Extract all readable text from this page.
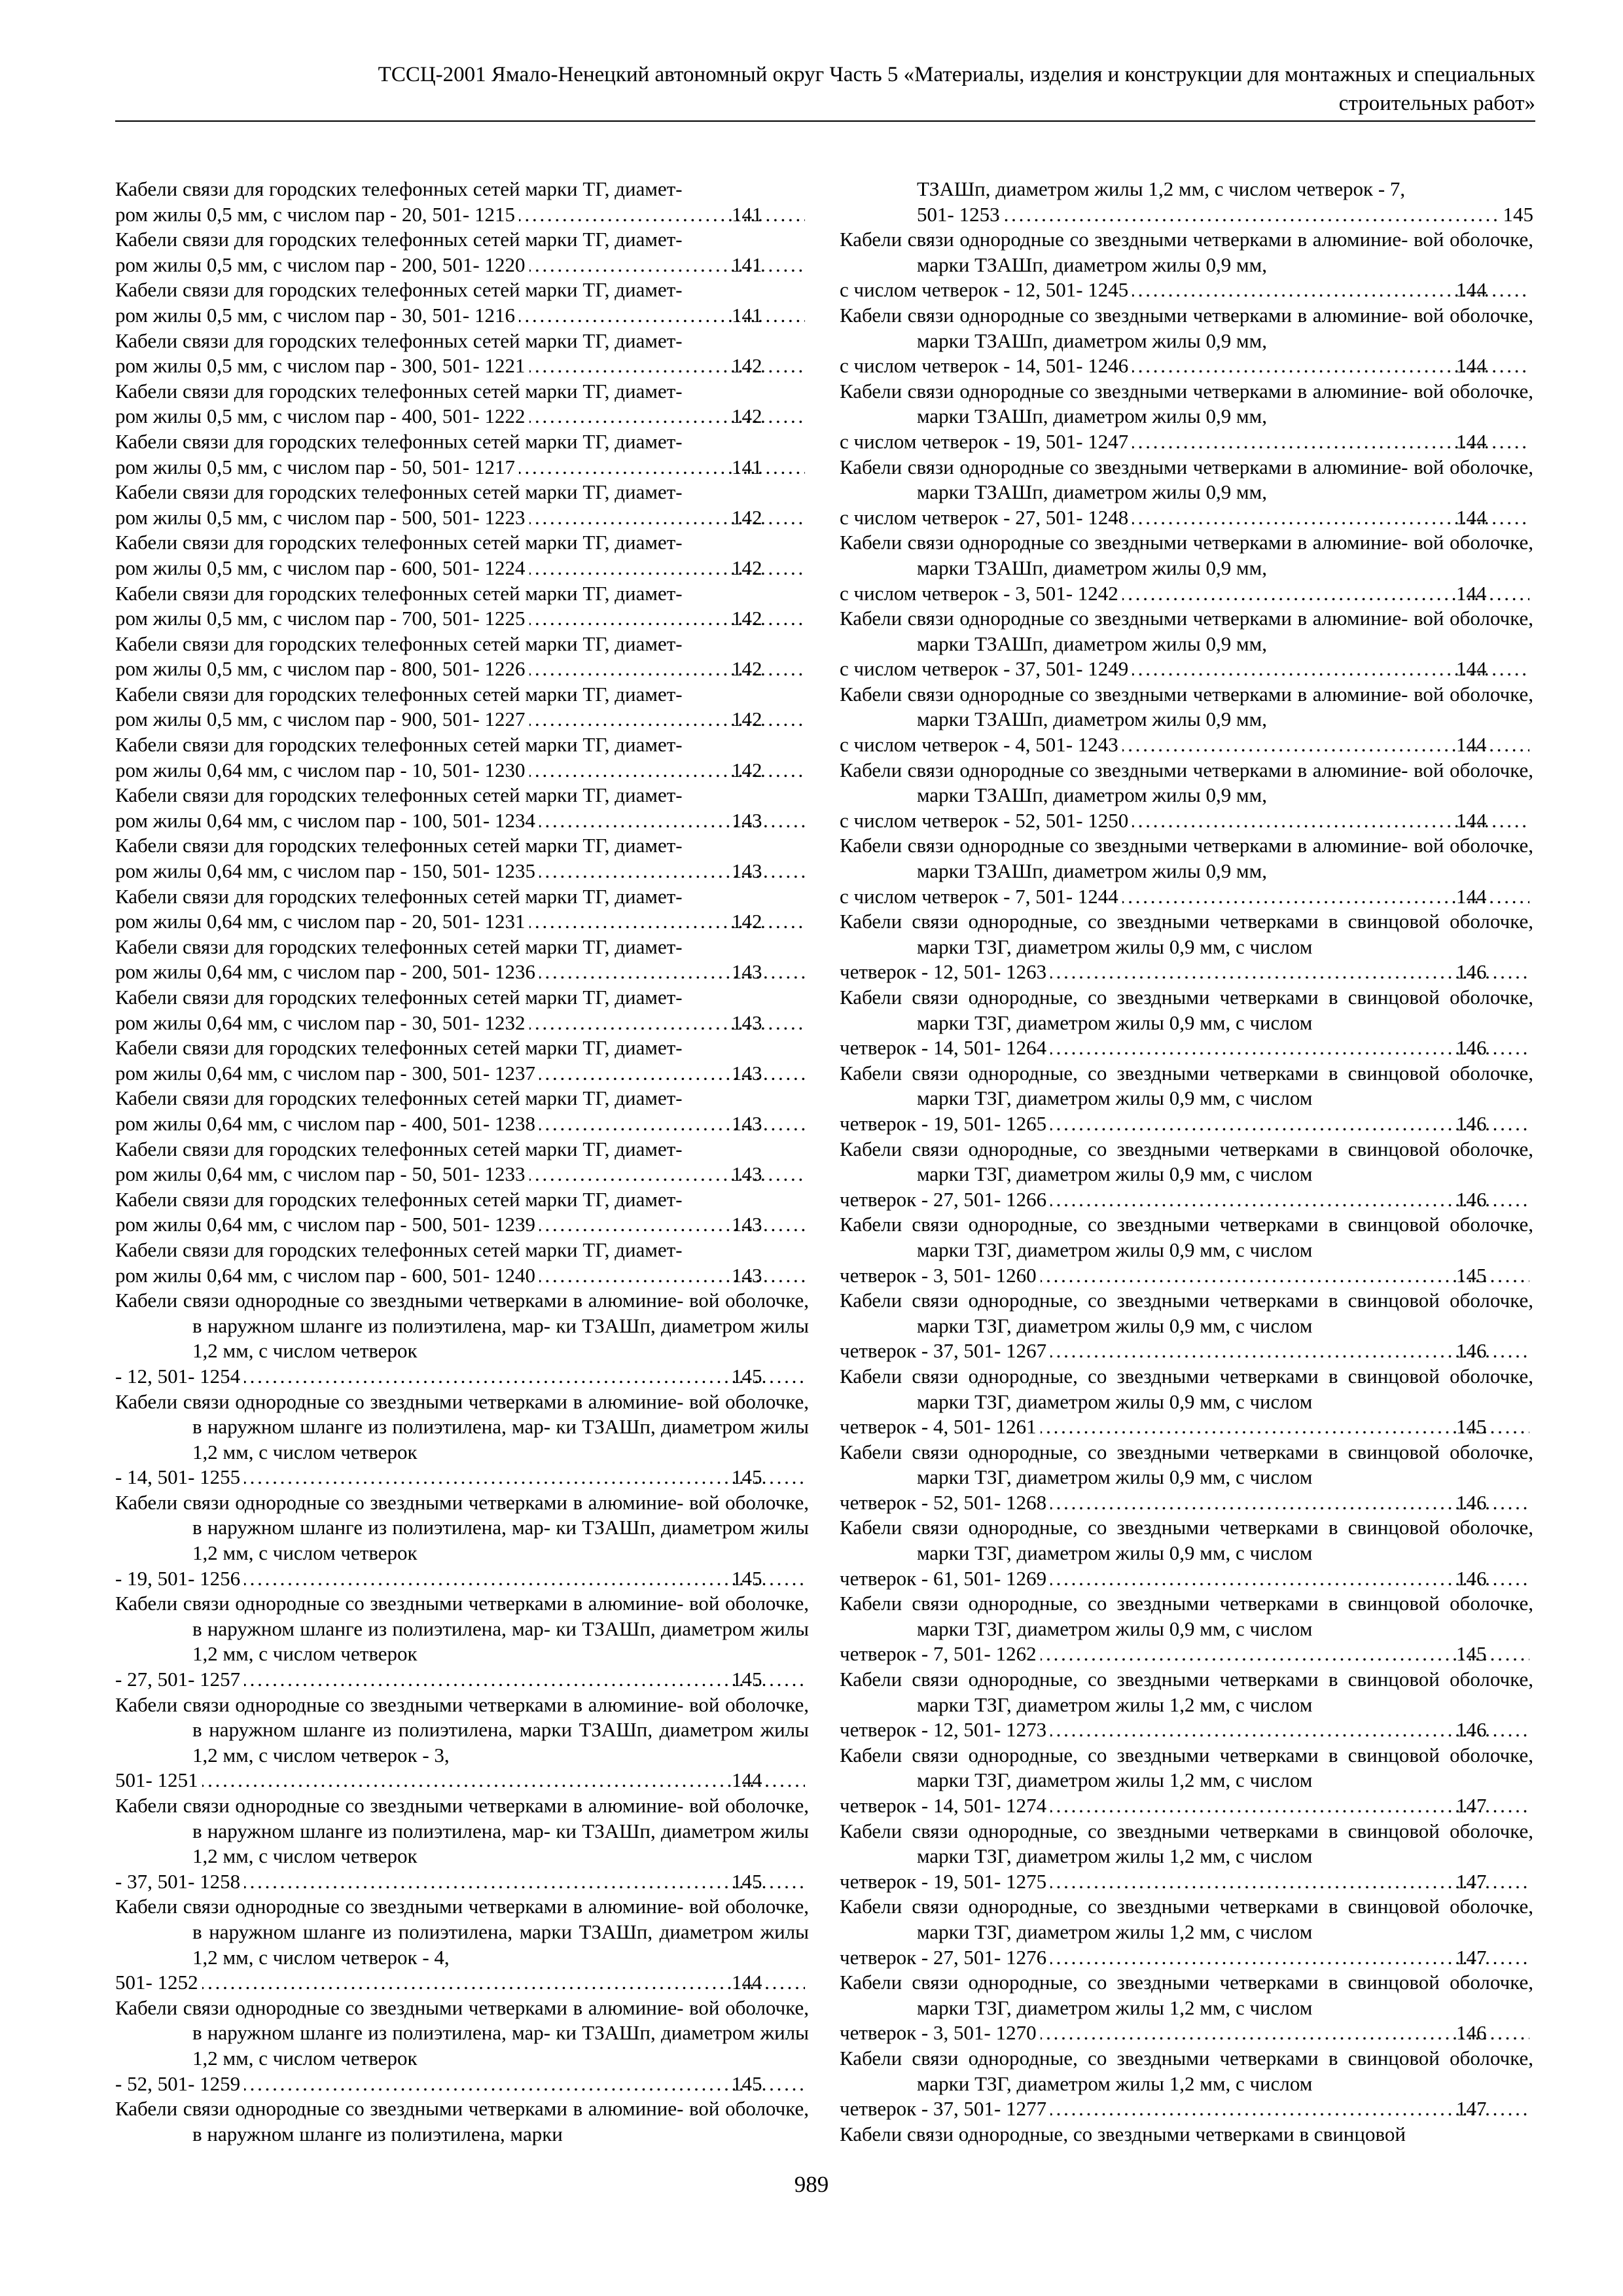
ТССЦ-2001 Ямало-Ненецкий автономный округ Часть 5 «Материалы, изделия и конструкции для монтажных и специальных
строительных работ»
Кабели связи для городских телефонных сетей марки ТГ, диамет-
ром жилы 0,5 мм, с числом пар - 20, 501- 1215 . . .	141
Кабели связи для городских телефонных сетей марки ТГ, диамет-
ром жилы 0,5 мм, с числом пар - 200, 501- 1220 . . .	141
Кабели связи для городских телефонных сетей марки ТГ, диамет-
ром жилы 0,5 мм, с числом пар - 30, 501- 1216 . . .	141
Кабели связи для городских телефонных сетей марки ТГ, диамет-
ром жилы 0,5 мм, с числом пар - 300, 501- 1221 . . .	142
Кабели связи для городских телефонных сетей марки ТГ, диамет-
ром жилы 0,5 мм, с числом пар - 400, 501- 1222 . . .	142
Кабели связи для городских телефонных сетей марки ТГ, диамет-
ром жилы 0,5 мм, с числом пар - 50, 501- 1217 . . .	141
Кабели связи для городских телефонных сетей марки ТГ, диамет-
ром жилы 0,5 мм, с числом пар - 500, 501- 1223 . . .	142
Кабели связи для городских телефонных сетей марки ТГ, диамет-
ром жилы 0,5 мм, с числом пар - 600, 501- 1224 . . .	142
Кабели связи для городских телефонных сетей марки ТГ, диамет-
ром жилы 0,5 мм, с числом пар - 700, 501- 1225 . . .	142
Кабели связи для городских телефонных сетей марки ТГ, диамет-
ром жилы 0,5 мм, с числом пар - 800, 501- 1226 . . .	142
Кабели связи для городских телефонных сетей марки ТГ, диамет-
ром жилы 0,5 мм, с числом пар - 900, 501- 1227 . . .	142
Кабели связи для городских телефонных сетей марки ТГ, диамет-
ром жилы 0,64 мм, с числом пар - 10, 501- 1230 . . .	142
Кабели связи для городских телефонных сетей марки ТГ, диамет-
ром жилы 0,64 мм, с числом пар - 100, 501- 1234 . . .	143
Кабели связи для городских телефонных сетей марки ТГ, диамет-
ром жилы 0,64 мм, с числом пар - 150, 501- 1235 . . .	143
Кабели связи для городских телефонных сетей марки ТГ, диамет-
ром жилы 0,64 мм, с числом пар - 20, 501- 1231 . . .	142
Кабели связи для городских телефонных сетей марки ТГ, диамет-
ром жилы 0,64 мм, с числом пар - 200, 501- 1236 . . .	143
Кабели связи для городских телефонных сетей марки ТГ, диамет-
ром жилы 0,64 мм, с числом пар - 30, 501- 1232 . . .	143
Кабели связи для городских телефонных сетей марки ТГ, диамет-
ром жилы 0,64 мм, с числом пар - 300, 501- 1237 . . .	143
Кабели связи для городских телефонных сетей марки ТГ, диамет-
ром жилы 0,64 мм, с числом пар - 400, 501- 1238 . . .	143
Кабели связи для городских телефонных сетей марки ТГ, диамет-
ром жилы 0,64 мм, с числом пар - 50, 501- 1233 . . .	143
Кабели связи для городских телефонных сетей марки ТГ, диамет-
ром жилы 0,64 мм, с числом пар - 500, 501- 1239 . . .	143
Кабели связи для городских телефонных сетей марки ТГ, диамет-
ром жилы 0,64 мм, с числом пар - 600, 501- 1240 . . .	143
Кабели связи однородные со звездными четверками в алюминие- вой оболочке, в наружном шланге из полиэтилена, мар- ки ТЗАШп, диаметром жилы 1,2 мм, с числом четверок
- 12, 501- 1254 . . .	145
Кабели связи однородные со звездными четверками в алюминие- вой оболочке, в наружном шланге из полиэтилена, мар- ки ТЗАШп, диаметром жилы 1,2 мм, с числом четверок
- 14, 501- 1255 . . .	145
Кабели связи однородные со звездными четверками в алюминие- вой оболочке, в наружном шланге из полиэтилена, мар- ки ТЗАШп, диаметром жилы 1,2 мм, с числом четверок
- 19, 501- 1256 . . .	145
Кабели связи однородные со звездными четверками в алюминие- вой оболочке, в наружном шланге из полиэтилена, мар- ки ТЗАШп, диаметром жилы 1,2 мм, с числом четверок
- 27, 501- 1257 . . .	145
Кабели связи однородные со звездными четверками в алюминие- вой оболочке, в наружном шланге из полиэтилена, марки ТЗАШп, диаметром жилы 1,2 мм, с числом четверок - 3,
501- 1251 . . .	144
Кабели связи однородные со звездными четверками в алюминие- вой оболочке, в наружном шланге из полиэтилена, мар- ки ТЗАШп, диаметром жилы 1,2 мм, с числом четверок
- 37, 501- 1258 . . .	145
Кабели связи однородные со звездными четверками в алюминие- вой оболочке, в наружном шланге из полиэтилена, марки ТЗАШп, диаметром жилы 1,2 мм, с числом четверок - 4,
501- 1252 . . .	144
Кабели связи однородные со звездными четверками в алюминие- вой оболочке, в наружном шланге из полиэтилена, мар- ки ТЗАШп, диаметром жилы 1,2 мм, с числом четверок
- 52, 501- 1259 . . .	145
Кабели связи однородные со звездными четверками в алюминие- вой оболочке, в наружном шланге из полиэтилена, марки
ТЗАШп, диаметром жилы 1,2 мм, с числом четверок - 7,
501- 1253 . . .	145
Кабели связи однородные со звездными четверками в алюминие- вой оболочке, марки ТЗАШп, диаметром жилы 0,9 мм,
с числом четверок - 12, 501- 1245 . . .	144
Кабели связи однородные со звездными четверками в алюминие- вой оболочке, марки ТЗАШп, диаметром жилы 0,9 мм,
с числом четверок - 14, 501- 1246 . . .	144
Кабели связи однородные со звездными четверками в алюминие- вой оболочке, марки ТЗАШп, диаметром жилы 0,9 мм,
с числом четверок - 19, 501- 1247 . . .	144
Кабели связи однородные со звездными четверками в алюминие- вой оболочке, марки ТЗАШп, диаметром жилы 0,9 мм,
с числом четверок - 27, 501- 1248 . . .	144
Кабели связи однородные со звездными четверками в алюминие- вой оболочке, марки ТЗАШп, диаметром жилы 0,9 мм,
с числом четверок - 3, 501- 1242 . . .	144
Кабели связи однородные со звездными четверками в алюминие- вой оболочке, марки ТЗАШп, диаметром жилы 0,9 мм,
с числом четверок - 37, 501- 1249 . . .	144
Кабели связи однородные со звездными четверками в алюминие- вой оболочке, марки ТЗАШп, диаметром жилы 0,9 мм,
с числом четверок - 4, 501- 1243 . . .	144
Кабели связи однородные со звездными четверками в алюминие- вой оболочке, марки ТЗАШп, диаметром жилы 0,9 мм,
с числом четверок - 52, 501- 1250 . . .	144
Кабели связи однородные со звездными четверками в алюминие- вой оболочке, марки ТЗАШп, диаметром жилы 0,9 мм,
с числом четверок - 7, 501- 1244 . . .	144
Кабели связи однородные, со звездными четверками в свинцовой оболочке, марки ТЗГ, диаметром жилы 0,9 мм, с числом
четверок - 12, 501- 1263 . . .	146
Кабели связи однородные, со звездными четверками в свинцовой оболочке, марки ТЗГ, диаметром жилы 0,9 мм, с числом
четверок - 14, 501- 1264 . . .	146
Кабели связи однородные, со звездными четверками в свинцовой оболочке, марки ТЗГ, диаметром жилы 0,9 мм, с числом
четверок - 19, 501- 1265 . . .	146
Кабели связи однородные, со звездными четверками в свинцовой оболочке, марки ТЗГ, диаметром жилы 0,9 мм, с числом
четверок - 27, 501- 1266 . . .	146
Кабели связи однородные, со звездными четверками в свинцовой оболочке, марки ТЗГ, диаметром жилы 0,9 мм, с числом
четверок - 3, 501- 1260 . . .	145
Кабели связи однородные, со звездными четверками в свинцовой оболочке, марки ТЗГ, диаметром жилы 0,9 мм, с числом
четверок - 37, 501- 1267 . . .	146
Кабели связи однородные, со звездными четверками в свинцовой оболочке, марки ТЗГ, диаметром жилы 0,9 мм, с числом
четверок - 4, 501- 1261 . . .	145
Кабели связи однородные, со звездными четверками в свинцовой оболочке, марки ТЗГ, диаметром жилы 0,9 мм, с числом
четверок - 52, 501- 1268 . . .	146
Кабели связи однородные, со звездными четверками в свинцовой оболочке, марки ТЗГ, диаметром жилы 0,9 мм, с числом
четверок - 61, 501- 1269 . . .	146
Кабели связи однородные, со звездными четверками в свинцовой оболочке, марки ТЗГ, диаметром жилы 0,9 мм, с числом
четверок - 7, 501- 1262 . . .	145
Кабели связи однородные, со звездными четверками в свинцовой оболочке, марки ТЗГ, диаметром жилы 1,2 мм, с числом
четверок - 12, 501- 1273 . . .	146
Кабели связи однородные, со звездными четверками в свинцовой оболочке, марки ТЗГ, диаметром жилы 1,2 мм, с числом
четверок - 14, 501- 1274 . . .	147
Кабели связи однородные, со звездными четверками в свинцовой оболочке, марки ТЗГ, диаметром жилы 1,2 мм, с числом
четверок - 19, 501- 1275 . . .	147
Кабели связи однородные, со звездными четверками в свинцовой оболочке, марки ТЗГ, диаметром жилы 1,2 мм, с числом
четверок - 27, 501- 1276 . . .	147
Кабели связи однородные, со звездными четверками в свинцовой оболочке, марки ТЗГ, диаметром жилы 1,2 мм, с числом
четверок - 3, 501- 1270 . . .	146
Кабели связи однородные, со звездными четверками в свинцовой оболочке, марки ТЗГ, диаметром жилы 1,2 мм, с числом
четверок - 37, 501- 1277 . . .	147
Кабели связи однородные, со звездными четверками в свинцовой
989
